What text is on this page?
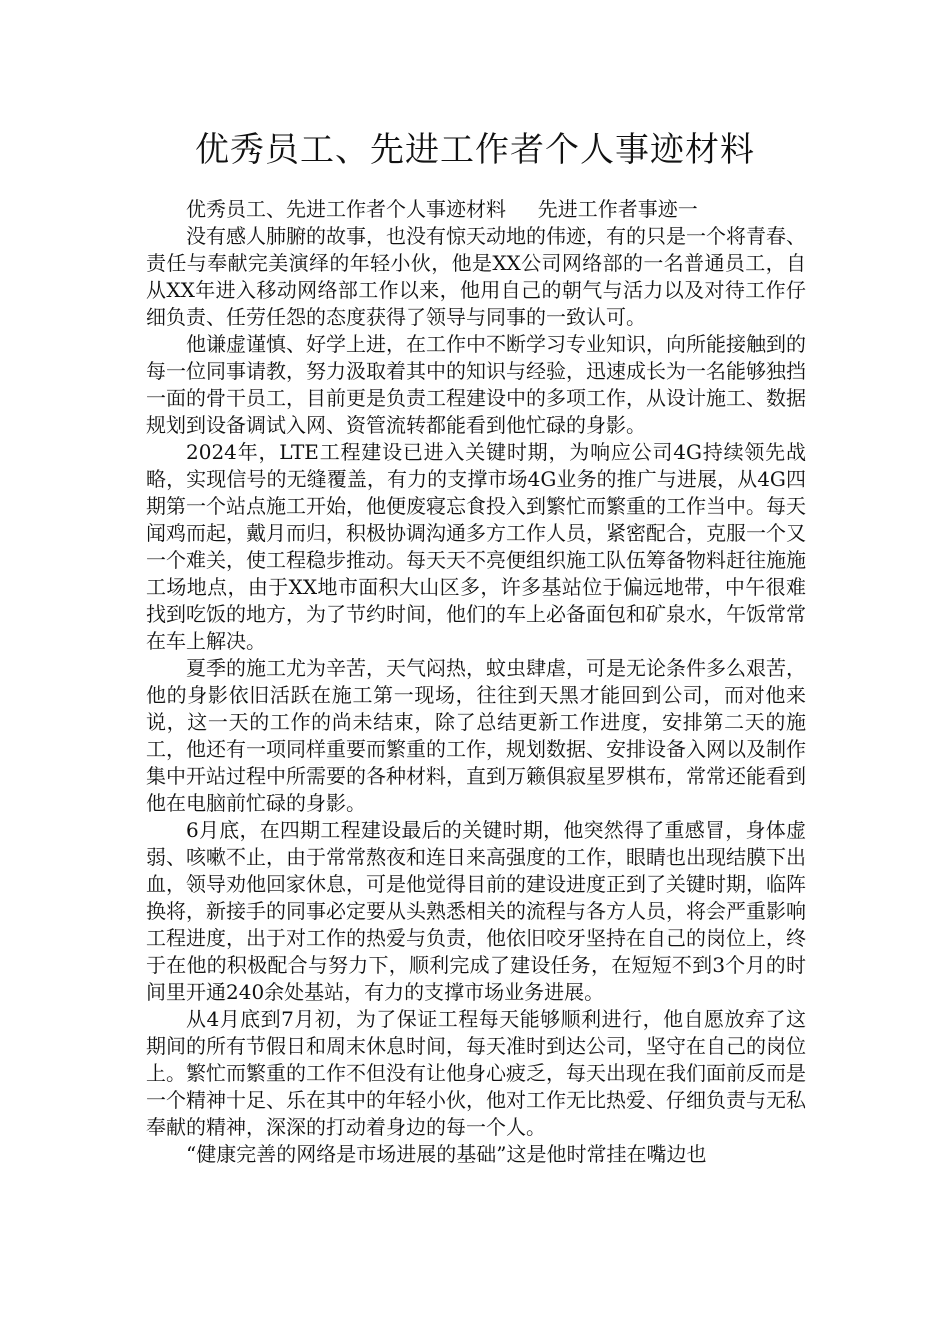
优秀员工、先进工作者个人事迹材料
优秀员工、先进工作者个人事迹材料     先进工作者事迹一

没有感人肺腑的故事，也没有惊天动地的伟迹，有的只是一个将青春、责任与奉献完美演绎的年轻小伙，他是XX公司网络部的一名普通员工，自从XX年进入移动网络部工作以来，他用自己的朝气与活力以及对待工作仔细负责、任劳任怨的态度获得了领导与同事的一致认可。

他谦虚谨慎、好学上进，在工作中不断学习专业知识，向所能接触到的每一位同事请教，努力汲取着其中的知识与经验，迅速成长为一名能够独挡一面的骨干员工，目前更是负责工程建设中的多项工作，从设计施工、数据规划到设备调试入网、资管流转都能看到他忙碌的身影。

2024年，LTE工程建设已进入关键时期，为响应公司4G持续领先战略，实现信号的无缝覆盖，有力的支撑市场4G业务的推广与进展，从4G四期第一个站点施工开始，他便废寝忘食投入到繁忙而繁重的工作当中。每天闻鸡而起，戴月而归，积极协调沟通多方工作人员，紧密配合，克服一个又一个难关，使工程稳步推动。每天天不亮便组织施工队伍筹备物料赶往施施工场地点，由于XX地市面积大山区多，许多基站位于偏远地带，中午很难找到吃饭的地方，为了节约时间，他们的车上必备面包和矿泉水，午饭常常在车上解决。

夏季的施工尤为辛苦，天气闷热，蚊虫肆虐，可是无论条件多么艰苦，他的身影依旧活跃在施工第一现场，往往到天黑才能回到公司，而对他来说，这一天的工作的尚未结束，除了总结更新工作进度，安排第二天的施工，他还有一项同样重要而繁重的工作，规划数据、安排设备入网以及制作集中开站过程中所需要的各种材料，直到万籁俱寂星罗棋布，常常还能看到他在电脑前忙碌的身影。

6月底，在四期工程建设最后的关键时期，他突然得了重感冒，身体虚弱、咳嗽不止，由于常常熬夜和连日来高强度的工作，眼睛也出现结膜下出血，领导劝他回家休息，可是他觉得目前的建设进度正到了关键时期，临阵换将，新接手的同事必定要从头熟悉相关的流程与各方人员，将会严重影响工程进度，出于对工作的热爱与负责，他依旧咬牙坚持在自己的岗位上，终于在他的积极配合与努力下，顺利完成了建设任务，在短短不到3个月的时间里开通240余处基站，有力的支撑市场业务进展。

从4月底到7月初，为了保证工程每天能够顺利进行，他自愿放弃了这期间的所有节假日和周末休息时间，每天准时到达公司，坚守在自己的岗位上。繁忙而繁重的工作不但没有让他身心疲乏，每天出现在我们面前反而是一个精神十足、乐在其中的年轻小伙，他对工作无比热爱、仔细负责与无私奉献的精神，深深的打动着身边的每一个人。

“健康完善的网络是市场进展的基础”这是他时常挂在嘴边也
